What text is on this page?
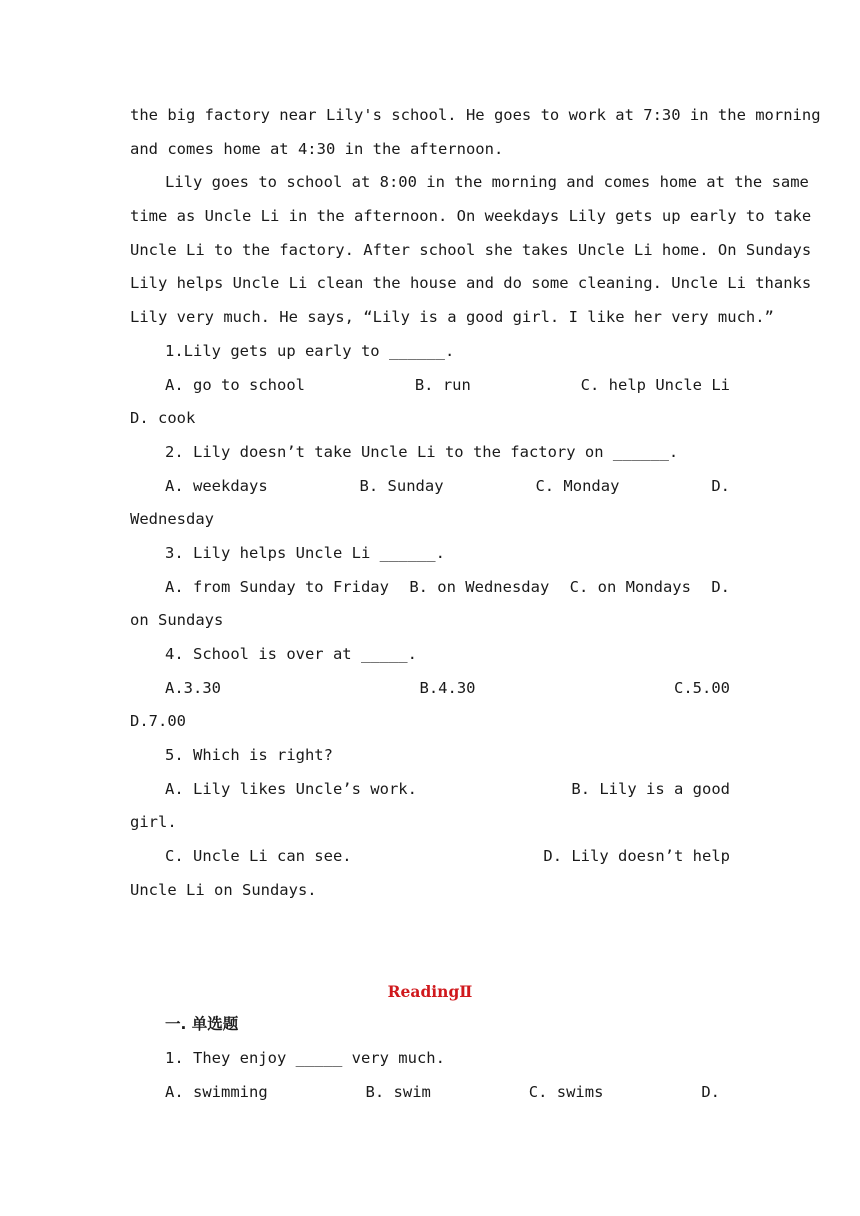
the big factory near Lily's school. He goes to work at 7:30 in the morning
and comes home at 4:30 in the afternoon.
Lily goes to school at 8:00 in the morning and comes home at the same
time as Uncle Li in the afternoon. On weekdays Lily gets up early to take
Uncle Li to the factory. After school she takes Uncle Li home. On Sundays
Lily helps Uncle Li clean the house and do some cleaning. Uncle Li thanks
Lily very much. He says, “Lily is a good girl. I like her very much.”
1.Lily gets up early to ______.
A. go to school	B. run	C. help Uncle Li
D. cook
2. Lily doesn’t take Uncle Li to the factory on ______.
A. weekdays	B. Sunday	C. Monday	D.
Wednesday
3. Lily helps Uncle Li ______.
A. from Sunday to Friday B. on Wednesday C. on Mondays D.
on Sundays
4. School is over at _____.
A.3.30	B.4.30	C.5.00
D.7.00
5. Which is right?
A. Lily likes Uncle’s work.	B. Lily is a good
girl.
C. Uncle Li can see.	D. Lily doesn’t help
Uncle Li on Sundays.
ReadingⅡ
一. 单选题
1. They enjoy _____ very much.
A. swimming	B. swim	C. swims	D.
